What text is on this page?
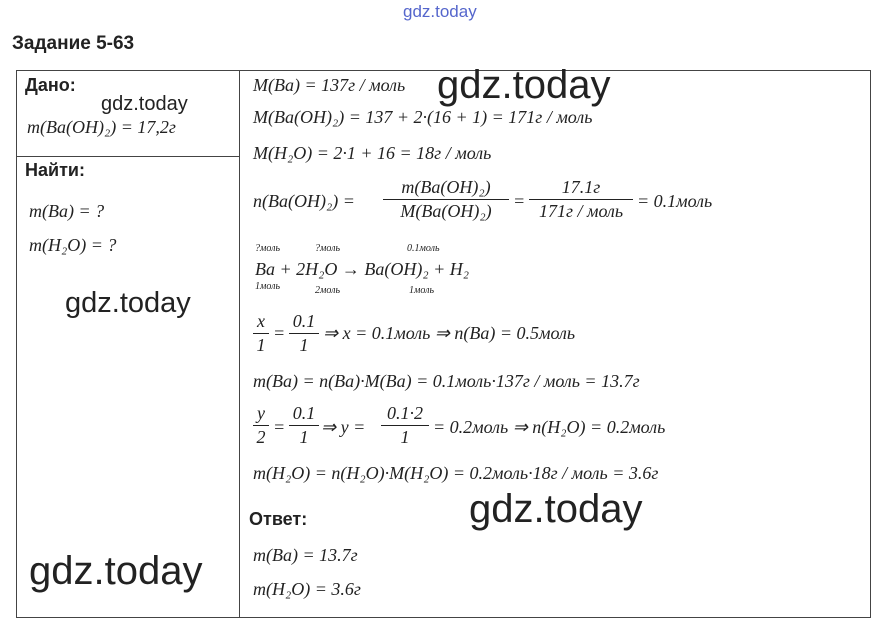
gdz.today
Задание 5-63
Дано:
gdz.today
m(Ba(OH)₂) = 17,2г
Найти:
m(Ba) = ?
m(H₂O) = ?
gdz.today
gdz.today
M(Ba) = 137г / моль gdz.today
M(Ba(OH)₂) = 137 + 2·(16 + 1) = 171г / моль
M(H₂O) = 2·1 + 16 = 18г / моль
n(Ba(OH)₂) =
m(Ba(OH)₂)
M(Ba(OH)₂)	=
17.1г
171г / моль = 0.1моль
?моль	?моль	0.1моль
Ba + 2H₂O → Ba(OH)₂ + H₂
1моль	2моль	1моль
x
1
=
0.1
1
⇒ x = 0.1моль ⇒ n(Ba) = 0.5моль
m(Ba) = n(Ba)·M(Ba) = 0.1моль·137г / моль = 13.7г
y
2 =
0.1
1 ⇒ y =
0.1·2
1	= 0.2моль ⇒ n(H₂O) = 0.2моль
m(H₂O) = n(H₂O)·M(H₂O) = 0.2моль·18г / моль = 3.6г
Ответ:	gdz.today
m(Ba) = 13.7г
m(H₂O) = 3.6г
